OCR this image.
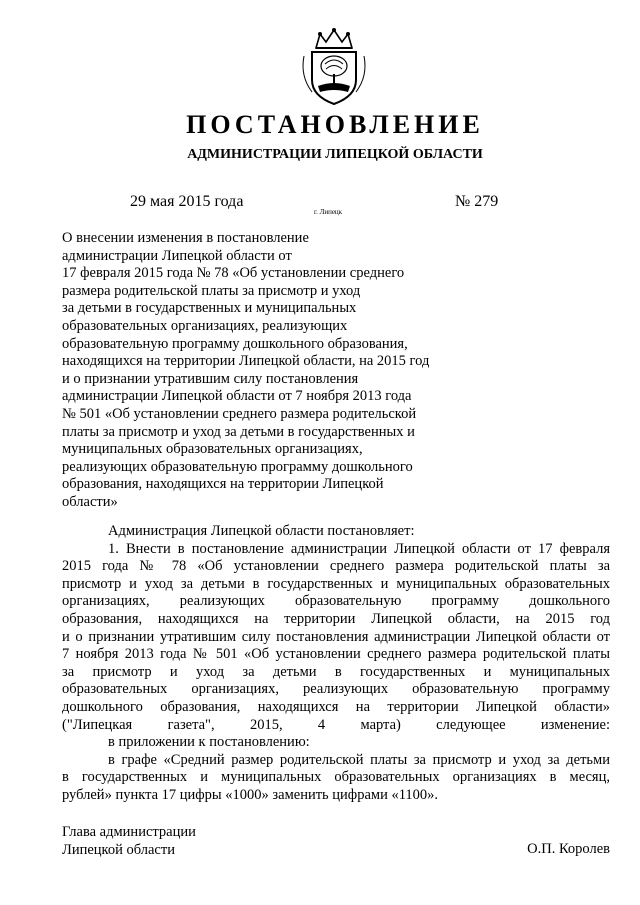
ПОСТАНОВЛЕНИЕ
АДМИНИСТРАЦИИ ЛИПЕЦКОЙ ОБЛАСТИ
29 мая 2015 года
г. Липецк
№ 279
О внесении изменения в постановление
администрации Липецкой области от
17 февраля 2015 года № 78 «Об установлении среднего
размера родительской платы за присмотр и уход
за детьми в государственных и муниципальных
образовательных организациях, реализующих
образовательную программу дошкольного образования,
находящихся на территории Липецкой области, на 2015 год
и о признании утратившим силу постановления
администрации Липецкой области от 7 ноября 2013 года
№ 501 «Об установлении среднего размера родительской
платы за присмотр и уход за детьми в государственных и
муниципальных образовательных организациях,
реализующих образовательную программу дошкольного
образования, находящихся на территории Липецкой
области»
Администрация Липецкой области постановляет:
1. Внести в постановление администрации Липецкой области от 17 февраля
2015 года № 78 «Об установлении среднего размера родительской платы за
присмотр и уход за детьми в государственных и муниципальных образовательных
организациях, реализующих образовательную программу дошкольного
образования, находящихся на территории Липецкой области, на 2015 год
и о признании утратившим силу постановления администрации Липецкой области от
7 ноября 2013 года № 501 «Об установлении среднего размера родительской платы
за присмотр и уход за детьми в государственных и муниципальных
образовательных организациях, реализующих образовательную программу
дошкольного образования, находящихся на территории Липецкой области»
("Липецкая газета", 2015, 4 марта) следующее изменение:
в приложении к постановлению:
в графе «Средний размер родительской платы за присмотр и уход за детьми
в государственных и муниципальных образовательных организациях в месяц,
рублей» пункта 17 цифры «1000» заменить цифрами «1100».
Глава администрации
Липецкой области	О.П. Королев
